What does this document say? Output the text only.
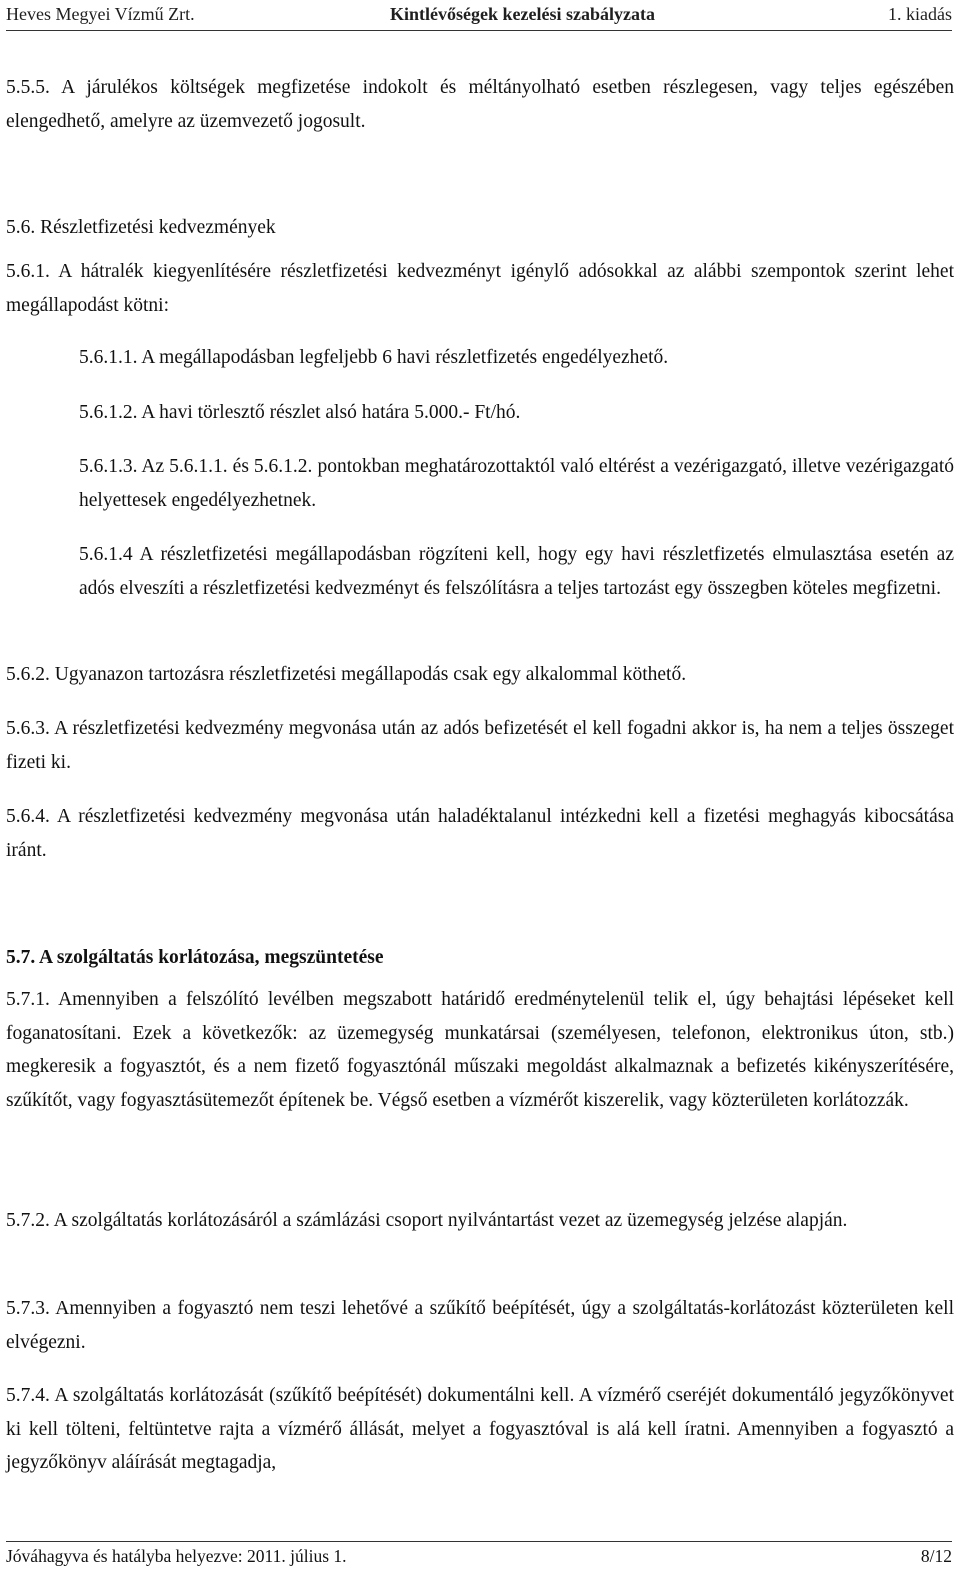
Heves Megyei Vízmű Zrt.	Kintlévőségek kezelési szabályzata	1. kiadás

5.5.5. A járulékos költségek megfizetése indokolt és méltányolható esetben részlegesen, vagy teljes egészében elengedhető, amelyre az üzemvezető jogosult.

5.6. Részletfizetési kedvezmények

5.6.1. A hátralék kiegyenlítésére részletfizetési kedvezményt igénylő adósokkal az alábbi szempontok szerint lehet megállapodást kötni:

5.6.1.1. A megállapodásban legfeljebb 6 havi részletfizetés engedélyezhető.

5.6.1.2. A havi törlesztő részlet alsó határa 5.000.- Ft/hó.

5.6.1.3. Az 5.6.1.1. és 5.6.1.2. pontokban meghatározottaktól való eltérést a vezérigazgató, illetve vezérigazgató helyettesek engedélyezhetnek.

5.6.1.4 A részletfizetési megállapodásban rögzíteni kell, hogy egy havi részletfizetés elmulasztása esetén az adós elveszíti a részletfizetési kedvezményt és felszólításra a teljes tartozást egy összegben köteles megfizetni.

5.6.2. Ugyanazon tartozásra részletfizetési megállapodás csak egy alkalommal köthető.

5.6.3. A részletfizetési kedvezmény megvonása után az adós befizetését el kell fogadni akkor is, ha nem a teljes összeget fizeti ki.

5.6.4. A részletfizetési kedvezmény megvonása után haladéktalanul intézkedni kell a fizetési meghagyás kibocsátása iránt.

5.7. A szolgáltatás korlátozása, megszüntetése

5.7.1. Amennyiben a felszólító levélben megszabott határidő eredménytelenül telik el, úgy behajtási lépéseket kell foganatosítani. Ezek a következők: az üzemegység munkatársai (személyesen, telefonon, elektronikus úton, stb.) megkeresik a fogyasztót, és a nem fizető fogyasztónál műszaki megoldást alkalmaznak a befizetés kikényszerítésére, szűkítőt, vagy fogyasztásütemezőt építenek be. Végső esetben a vízmérőt kiszerelik, vagy közterületen korlátozzák.

5.7.2. A szolgáltatás korlátozásáról a számlázási csoport nyilvántartást vezet az üzemegység jelzése alapján.

5.7.3. Amennyiben a fogyasztó nem teszi lehetővé a szűkítő beépítését, úgy a szolgáltatás-korlátozást közterületen kell elvégezni.

5.7.4. A szolgáltatás korlátozását (szűkítő beépítését) dokumentálni kell. A vízmérő cseréjét dokumentáló jegyzőkönyvet ki kell tölteni, feltüntetve rajta a vízmérő állását, melyet a fogyasztóval is alá kell íratni. Amennyiben a fogyasztó a jegyzőkönyv aláírását megtagadja,

Jóváhagyva és hatályba helyezve: 2011. július 1.	8/12
